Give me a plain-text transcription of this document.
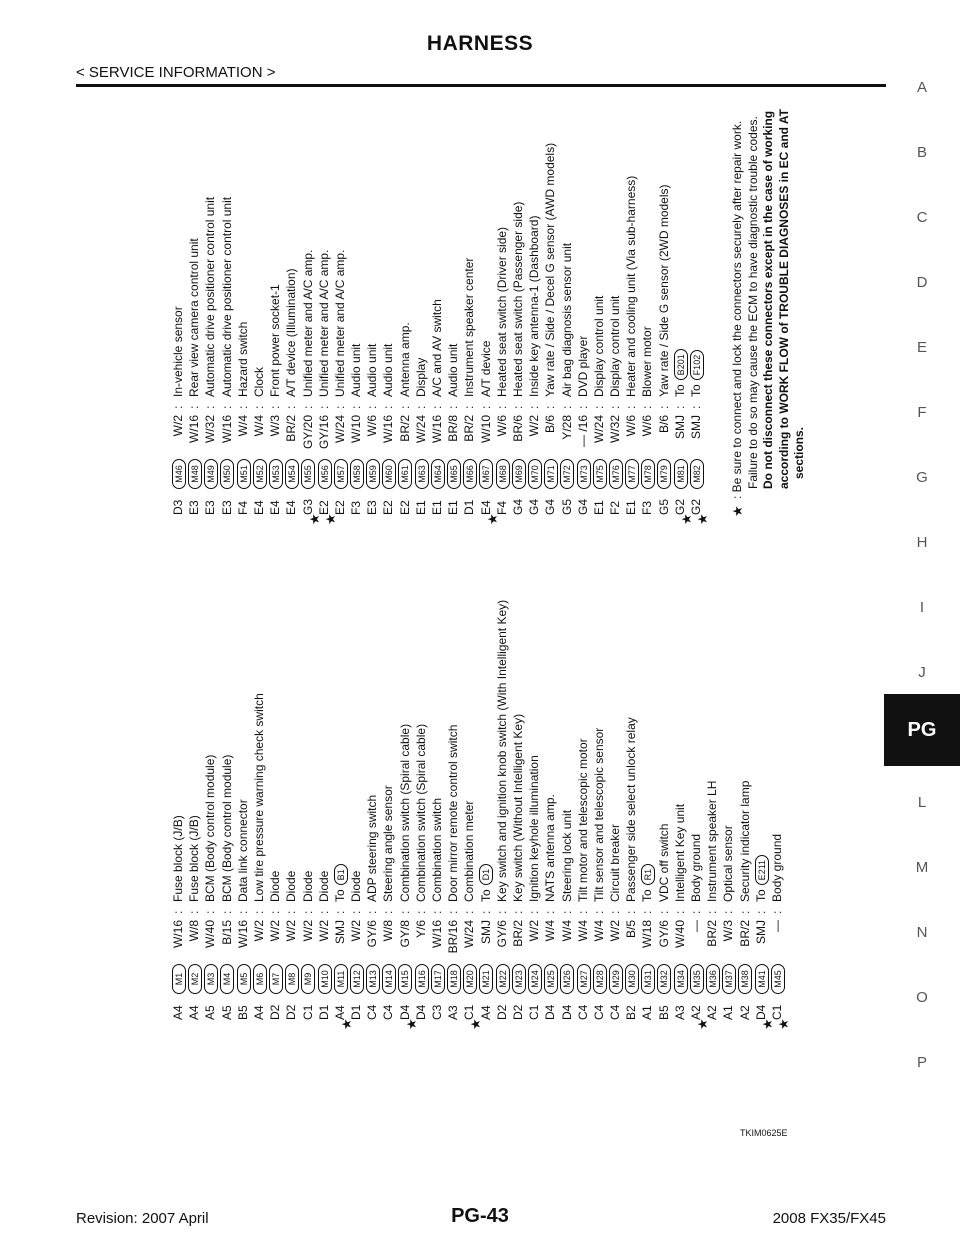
HARNESS
< SERVICE INFORMATION >
A
B
C
D
E
F
G
H
I
J
PG
L
M
N
O
P
A4M1W/16:Fuse block (J/B)
A4M2W/8:Fuse block (J/B)
A5M3W/40:BCM (Body control module)
A5M4B/15:BCM (Body control module)
B5M5W/16:Data link connector
A4M6W/2:Low tire pressure warning check switch
D2M7W/2:Diode
D2M8W/2:Diode
C1M9W/2:Diode
D1M10W/2:Diode
★
A4M11SMJ:ToB1
D1M12W/2:Diode
C4M13GY/6:ADP steering switch
C4M14W/8:Steering angle sensor
★
D4M15GY/8:Combination switch (Spiral cable)
D4M16Y/6:Combination switch (Spiral cable)
C3M17W/16:Combination switch
A3M18BR/16:Door mirror remote control switch
★
C1M20W/24:Combination meter
A4M21SMJ:ToD1
D2M22GY/6:Key switch and ignition knob switch (With Intelligent Key)
D2M23BR/2:Key switch (Without Intelligent Key)
C1M24W/2:Ignition keyhole illumination
D4M25W/4:NATS antenna amp.
D4M26W/4:Steering lock unit
C4M27W/4:Tilt motor and telescopic motor
C4M28W/4:Tilt sensor and telescopic sensor
C4M29W/2:Circuit breaker
B2M30B/5:Passenger side select unlock relay
A1M31W/18:ToR1
B5M32GY/6:VDC off switch
A3M34W/40:Intelligent Key unit
★
A2M35—:Body ground
A2M36BR/2:Instrument speaker LH
A1M37W/3:Optical sensor
A2M38BR/2:Security indicator lamp
★
D4M41SMJ:ToE211
★
C1M45—:Body ground
D3M46W/2:In-vehicle sensor
E3M48W/16:Rear view camera control unit
E3M49W/32:Automatic drive positioner control unit
E3M50W/16:Automatic drive positioner control unit
F4M51W/4:Hazard switch
E4M52W/4:Clock
E4M53W/3:Front power socket-1
E4M54BR/2:A/T device (Illumination)
★
G3M55GY/20:Unified meter and A/C amp.
★
E2M56GY/16:Unified meter and A/C amp.
E2M57W/24:Unified meter and A/C amp.
F3M58W/10:Audio unit
E3M59W/6:Audio unit
E2M60W/16:Audio unit
E2M61BR/2:Antenna amp.
E1M63W/24:Display
E1M64W/16:A/C and AV switch
E1M65BR/8:Audio unit
D1M66BR/2:Instrument speaker center
★
E4M67W/10:A/T device
F4M68W/6:Heated seat switch (Driver side)
G4M69BR/6:Heated seat switch (Passenger side)
G4M70W/2:Inside key antenna-1 (Dashboard)
G4M71B/6:Yaw rate / Side / Decel G sensor (AWD models)
G5M72Y/28:Air bag diagnosis sensor unit
G4M73— /16:DVD player
E1M75W/24:Display control unit
F2M76W/32:Display control unit
E1M77W/6:Heater and cooling unit (Via sub-harness)
F3M78W/6:Blower motor
G5M79B/6:Yaw rate / Side G sensor (2WD models)
★
G2M81SMJ:ToB201
★
G2M82SMJ:ToF102
★

: Be sure to connect and lock the connectors securely after repair work. Failure to do so may cause the ECM to have diagnostic trouble codes. Do not disconnect these connectors except in the case of working according to WORK FLOW of TROUBLE DIAGNOSES in EC and AT sections.

TKIM0625E
Revision: 2007 April	PG-43	2008 FX35/FX45
